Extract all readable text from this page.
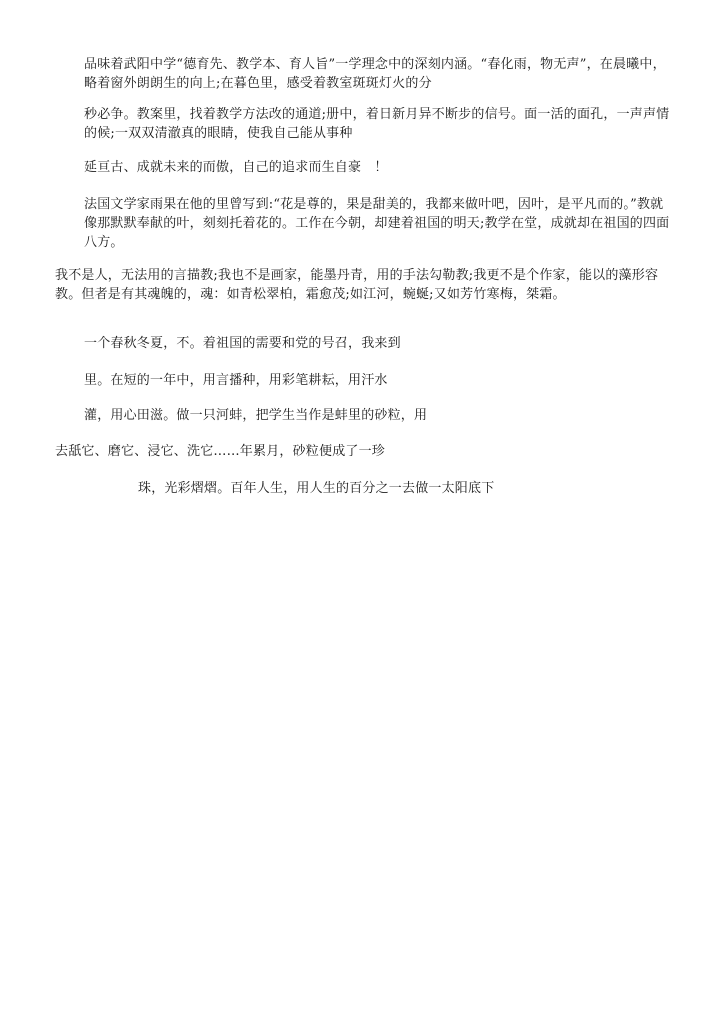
品味着武阳中学“德育先、教学本、育人旨”一学理念中的深刻内涵。“春化雨，物无声”，在晨曦中，略着窗外朗朗生的向上;在暮色里，感受着教室斑斑灯火的分
秒必争。教案里，找着教学方法改的通道;册中，着日新月异不断步的信号。面一活的面孔，一声声情的候;一双双清澈真的眼睛，使我自己能从事种
延亘古、成就未来的而傲，自己的追求而生自豪　！
法国文学家雨果在他的里曾写到:“花是尊的，果是甜美的，我都来做叶吧，因叶，是平凡而的。”教就像那默默奉献的叶，刻刻托着花的。工作在今朝，却建着祖国的明天;教学在堂，成就却在祖国的四面八方。
我不是人，无法用的言描教;我也不是画家，能墨丹青，用的手法勾勒教;我更不是个作家，能以的藻形容教。但者是有其魂魄的，魂：如青松翠柏，霜愈茂;如江河，蜿蜒;又如芳竹寒梅，桀霜。
一个春秋冬夏，不。着祖国的需要和党的号召，我来到
里。在短的一年中，用言播种，用彩笔耕耘，用汗水
灌，用心田滋。做一只河蚌，把学生当作是蚌里的砂粒，用
去舐它、磨它、浸它、洗它……年累月，砂粒便成了一珍
珠，光彩熠熠。百年人生，用人生的百分之一去做一太阳底下
